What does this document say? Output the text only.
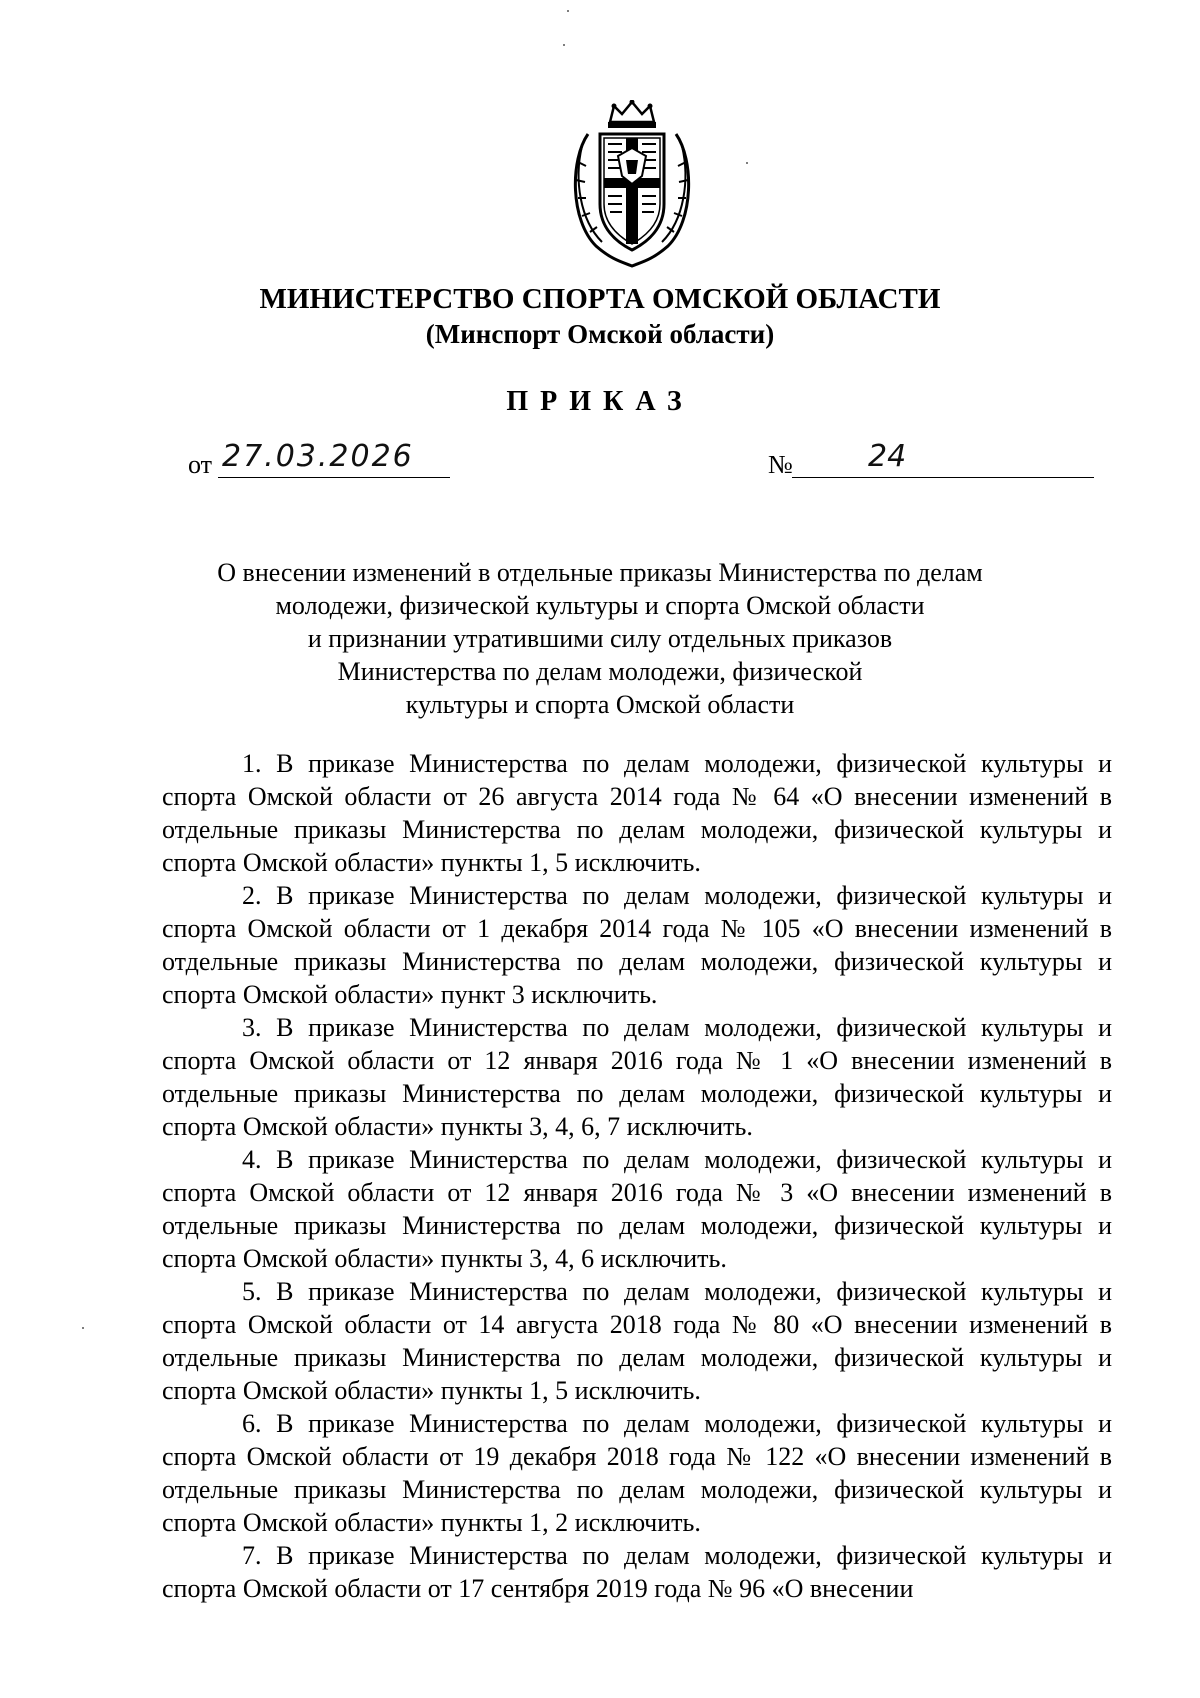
МИНИСТЕРСТВО СПОРТА ОМСКОЙ ОБЛАСТИ
(Минспорт Омской области)
ПРИКАЗ
от 27.03.2026	№	24
О внесении изменений в отдельные приказы Министерства по делам
молодежи, физической культуры и спорта Омской области
и признании утратившими силу отдельных приказов
Министерства по делам молодежи, физической
культуры и спорта Омской области

1. В приказе Министерства по делам молодежи, физической культуры и спорта Омской области от 26 августа 2014 года № 64 «О внесении изменений в отдельные приказы Министерства по делам молодежи, физической культуры и спорта Омской области» пункты 1, 5 исключить.

2. В приказе Министерства по делам молодежи, физической культуры и спорта Омской области от 1 декабря 2014 года № 105 «О внесении изменений в отдельные приказы Министерства по делам молодежи, физической культуры и спорта Омской области» пункт 3 исключить.

3. В приказе Министерства по делам молодежи, физической культуры и спорта Омской области от 12 января 2016 года № 1 «О внесении изменений в отдельные приказы Министерства по делам молодежи, физической культуры и спорта Омской области» пункты 3, 4, 6, 7 исключить.

4. В приказе Министерства по делам молодежи, физической культуры и спорта Омской области от 12 января 2016 года № 3 «О внесении изменений в отдельные приказы Министерства по делам молодежи, физической культуры и спорта Омской области» пункты 3, 4, 6 исключить.

5. В приказе Министерства по делам молодежи, физической культуры и спорта Омской области от 14 августа 2018 года № 80 «О внесении изменений в отдельные приказы Министерства по делам молодежи, физической культуры и спорта Омской области» пункты 1, 5 исключить.

6. В приказе Министерства по делам молодежи, физической культуры и спорта Омской области от 19 декабря 2018 года № 122 «О внесении изменений в отдельные приказы Министерства по делам молодежи, физической культуры и спорта Омской области» пункты 1, 2 исключить.

7. В приказе Министерства по делам молодежи, физической культуры и спорта Омской области от 17 сентября 2019 года № 96 «О внесении
